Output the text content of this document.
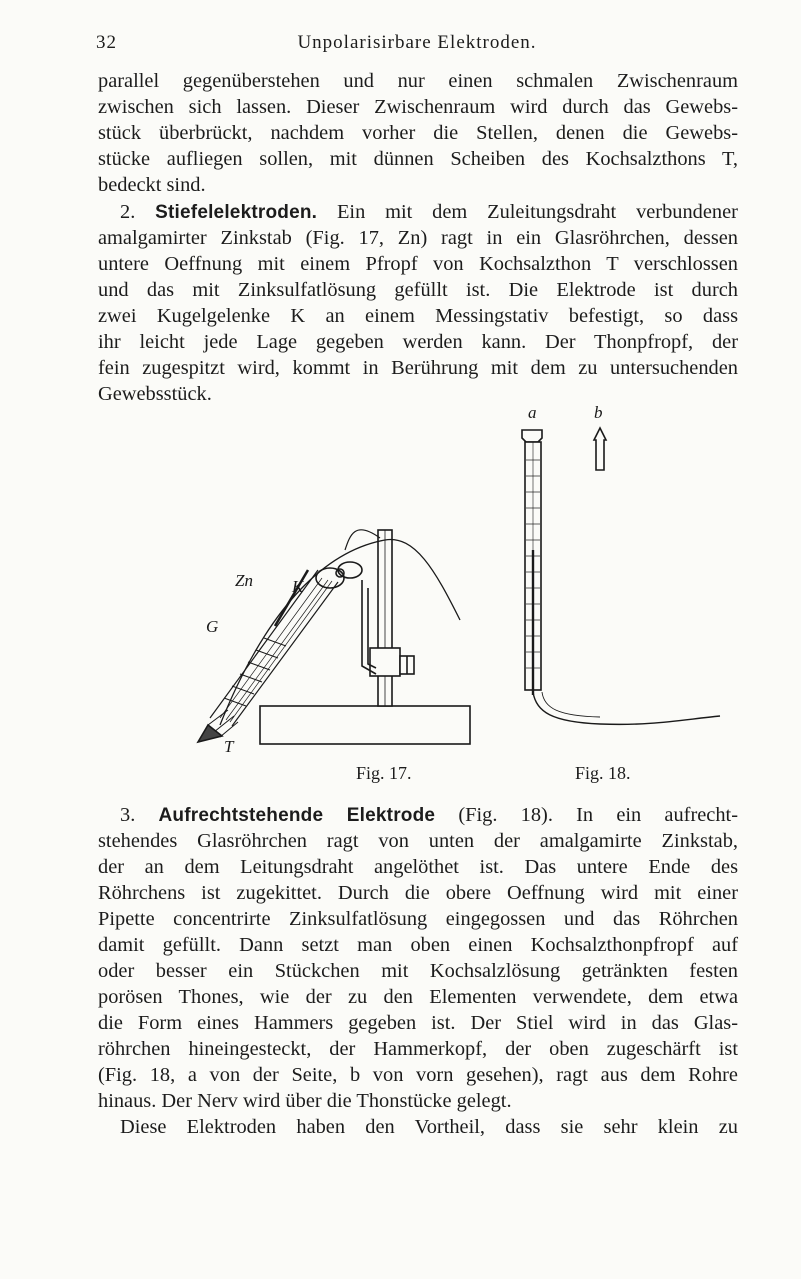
32	Unpolarisirbare Elektroden.
parallel gegenüberstehen und nur einen schmalen Zwischenraum
zwischen sich lassen. Dieser Zwischenraum wird durch das Gewebs-
stück überbrückt, nachdem vorher die Stellen, denen die Gewebs-
stücke aufliegen sollen, mit dünnen Scheiben des Kochsalzthons T,
bedeckt sind.
2. Stiefelelektroden. Ein mit dem Zuleitungsdraht verbundener
amalgamirter Zinkstab (Fig. 17, Zn) ragt in ein Glasröhrchen, dessen
untere Oeffnung mit einem Pfropf von Kochsalzthon T verschlossen
und das mit Zinksulfatlösung gefüllt ist. Die Elektrode ist durch
zwei Kugelgelenke K an einem Messingstativ befestigt, so dass
ihr leicht jede Lage gegeben werden kann. Der Thonpfropf, der
fein zugespitzt wird, kommt in Berührung mit dem zu untersuchenden
Gewebsstück.
K
Zn
G
T
a	b
Fig. 17.	Fig. 18.
3. Aufrechtstehende Elektrode (Fig. 18). In ein aufrecht-
stehendes Glasröhrchen ragt von unten der amalgamirte Zinkstab,
der an dem Leitungsdraht angelöthet ist. Das untere Ende des
Röhrchens ist zugekittet. Durch die obere Oeffnung wird mit einer
Pipette concentrirte Zinksulfatlösung eingegossen und das Röhrchen
damit gefüllt. Dann setzt man oben einen Kochsalzthonpfropf auf
oder besser ein Stückchen mit Kochsalzlösung getränkten festen
porösen Thones, wie der zu den Elementen verwendete, dem etwa
die Form eines Hammers gegeben ist. Der Stiel wird in das Glas-
röhrchen hineingesteckt, der Hammerkopf, der oben zugeschärft ist
(Fig. 18, a von der Seite, b von vorn gesehen), ragt aus dem Rohre
hinaus. Der Nerv wird über die Thonstücke gelegt.
Diese Elektroden haben den Vortheil, dass sie sehr klein zu
